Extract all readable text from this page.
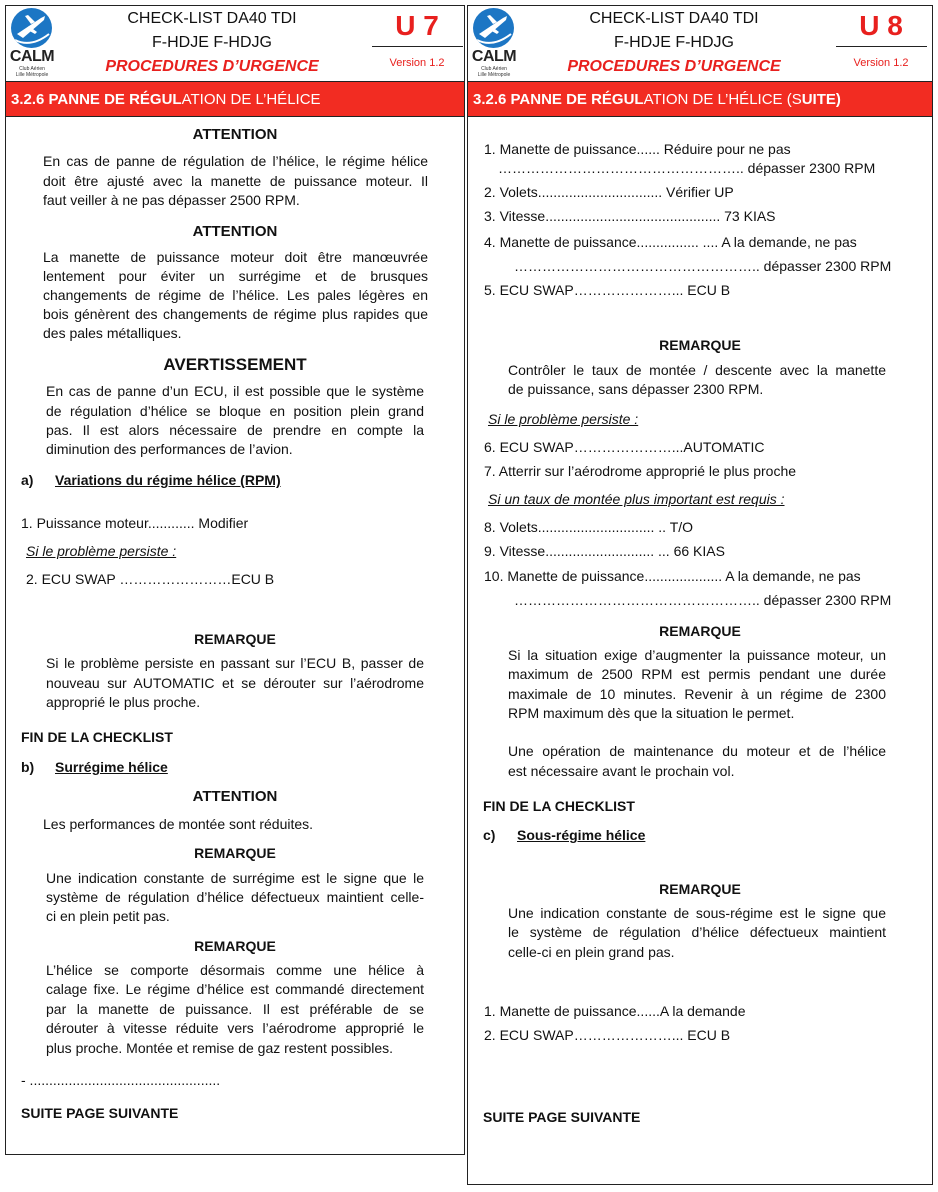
CALM
Club Aérien
Lille Métropole
CHECK-LIST DA40 TDI
F-HDJE F-HDJG
PROCEDURES D’URGENCE
U 7
Version 1.2
3.2.6 PANNE DE RÉGULATION DE L’HÉLICE
ATTENTION
En cas de panne de régulation de l’hélice, le régime hélice
doit être ajusté avec la manette de puissance moteur. Il
faut veiller à ne pas dépasser 2500 RPM.
ATTENTION
La manette de puissance moteur doit être manœuvrée
lentement pour éviter un surrégime et de brusques
changements de régime de l’hélice. Les pales légères en
bois génèrent des changements de régime plus rapides que
des pales métalliques.
AVERTISSEMENT
En cas de panne d’un ECU, il est possible que le système
de régulation d’hélice se bloque en position plein grand
pas. Il est alors nécessaire de prendre en compte la
diminution des performances de l’avion.
a) Variations du régime hélice (RPM)
1. Puissance moteur............ Modifier
Si le problème persiste :
2. ECU SWAP ……………………ECU B
REMARQUE
Si le problème persiste en passant sur l’ECU B, passer de
nouveau sur AUTOMATIC et se dérouter sur l’aérodrome
approprié le plus proche.
FIN DE LA CHECKLIST
b) Surrégime hélice
ATTENTION
Les performances de montée sont réduites.
REMARQUE
Une indication constante de surrégime est le signe que le
système de régulation d’hélice défectueux maintient celle-
ci en plein petit pas.
REMARQUE
L’hélice se comporte désormais comme une hélice à
calage fixe. Le régime d’hélice est commandé directement
par la manette de puissance. Il est préférable de se
dérouter à vitesse réduite vers l’aérodrome approprié le
plus proche. Montée et remise de gaz restent possibles.
- .................................................
SUITE PAGE SUIVANTE
CALM
Club Aérien
Lille Métropole
CHECK-LIST DA40 TDI
F-HDJE F-HDJG
PROCEDURES D’URGENCE
U 8
Version 1.2
3.2.6 PANNE DE RÉGULATION DE L’HÉLICE (SUITE)
1. Manette de puissance...... Réduire pour ne pas
…………………………………………….. dépasser 2300 RPM
2. Volets................................ Vérifier UP
3. Vitesse............................................. 73 KIAS
4. Manette de puissance................ .... A la demande, ne pas
…………………………………………….. dépasser 2300 RPM
5. ECU SWAP…………………... ECU B
REMARQUE
Contrôler le taux de montée / descente avec la manette
de puissance, sans dépasser 2300 RPM.
Si le problème persiste :
6. ECU SWAP…………………...AUTOMATIC
7. Atterrir sur l’aérodrome approprié le plus proche
Si un taux de montée plus important est requis :
8. Volets.............................. .. T/O
9. Vitesse............................ ... 66 KIAS
10. Manette de puissance.................... A la demande, ne pas
…………………………………………….. dépasser 2300 RPM
REMARQUE
Si la situation exige d’augmenter la puissance moteur, un
maximum de 2500 RPM est permis pendant une durée
maximale de 10 minutes. Revenir à un régime de 2300
RPM maximum dès que la situation le permet.
Une opération de maintenance du moteur et de l’hélice
est nécessaire avant le prochain vol.
FIN DE LA CHECKLIST
c) Sous-régime hélice
REMARQUE
Une indication constante de sous-régime est le signe que
le système de régulation d’hélice défectueux maintient
celle-ci en plein grand pas.
1. Manette de puissance......A la demande
2. ECU SWAP…………………... ECU B
SUITE PAGE SUIVANTE
